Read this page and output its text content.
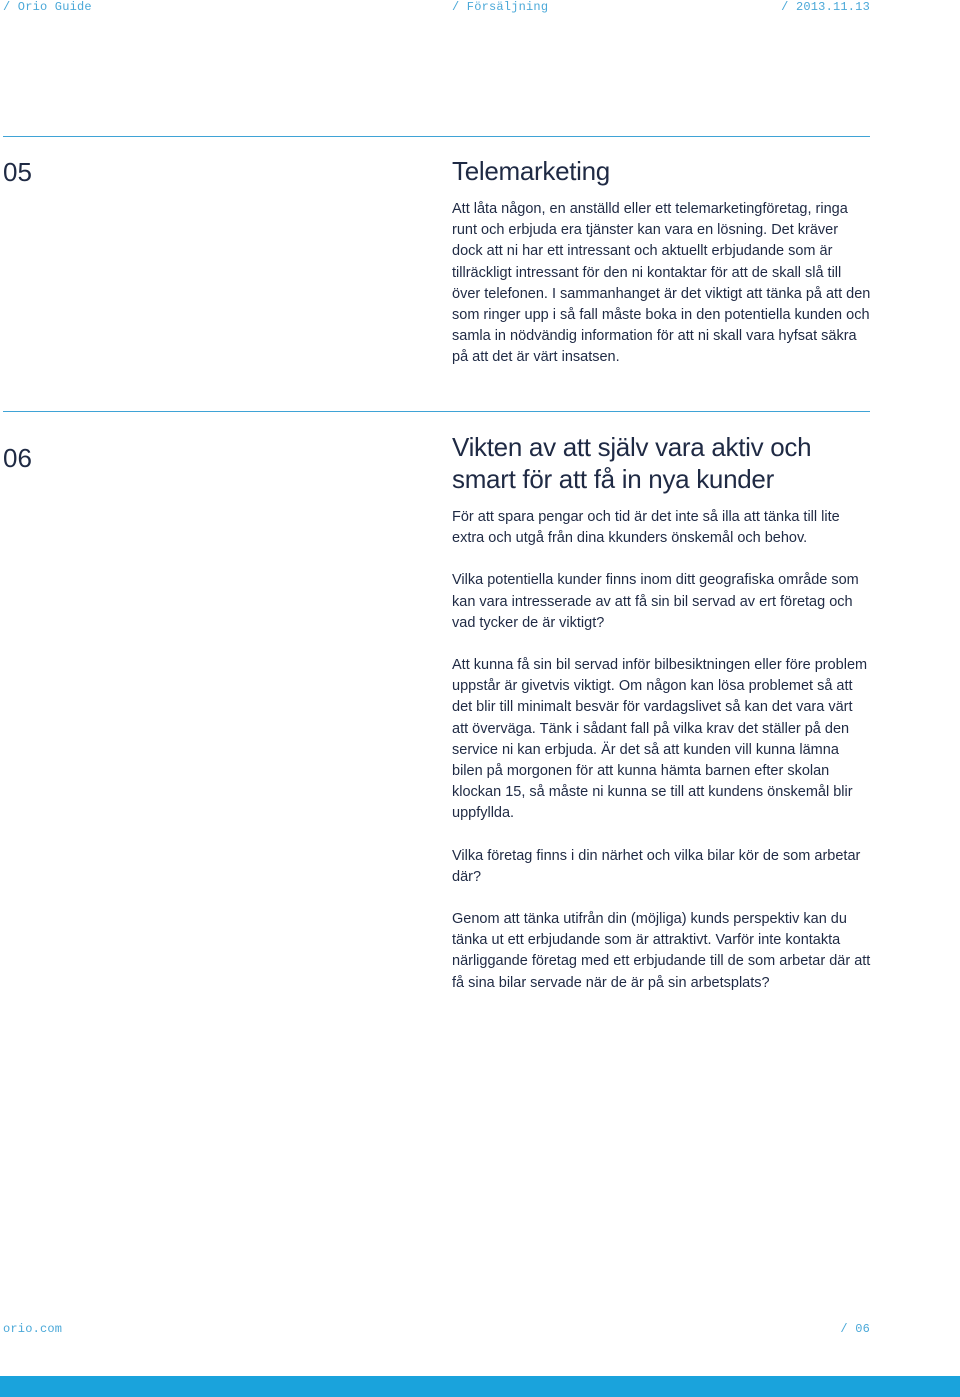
/ Orio Guide	/ Försäljning	/ 2013.11.13
05	Telemarketing

Att låta någon, en anställd eller ett telemarketingföretag, ringa runt och erbjuda era tjänster kan vara en lösning. Det kräver dock att ni har ett intressant och aktuellt erbjudande som är tillräckligt intressant för den ni kontaktar för att de skall slå till över telefonen. I sammanhanget är det viktigt att tänka på att den som ringer upp i så fall måste boka in den potentiella kunden och samla in nödvändig information för att ni skall vara hyfsat säkra på att det är värt insatsen.

06	Vikten av att själv vara aktiv och smart för att få in nya kunder

För att spara pengar och tid är det inte så illa att tänka till lite extra och utgå från dina kkunders önskemål och behov.

Vilka potentiella kunder finns inom ditt geografiska område som kan vara intresserade av att få sin bil servad av ert företag och vad tycker de är viktigt?

Att kunna få sin bil servad inför bilbesiktningen eller före problem uppstår är givetvis viktigt. Om någon kan lösa problemet så att det blir till minimalt besvär för vardagslivet så kan det vara värt att överväga. Tänk i sådant fall på vilka krav det ställer på den service ni kan erbjuda. Är det så att kunden vill kunna lämna bilen på morgonen för att kunna hämta barnen efter skolan klockan 15, så måste ni kunna se till att kundens önskemål blir uppfyllda.

Vilka företag finns i din närhet och vilka bilar kör de som arbetar där?

Genom att tänka utifrån din (möjliga) kunds perspektiv kan du tänka ut ett erbjudande som är attraktivt. Varför inte kontakta närliggande företag med ett erbjudande till de som arbetar där att få sina bilar servade när de är på sin arbetsplats?

orio.com	/ 06
